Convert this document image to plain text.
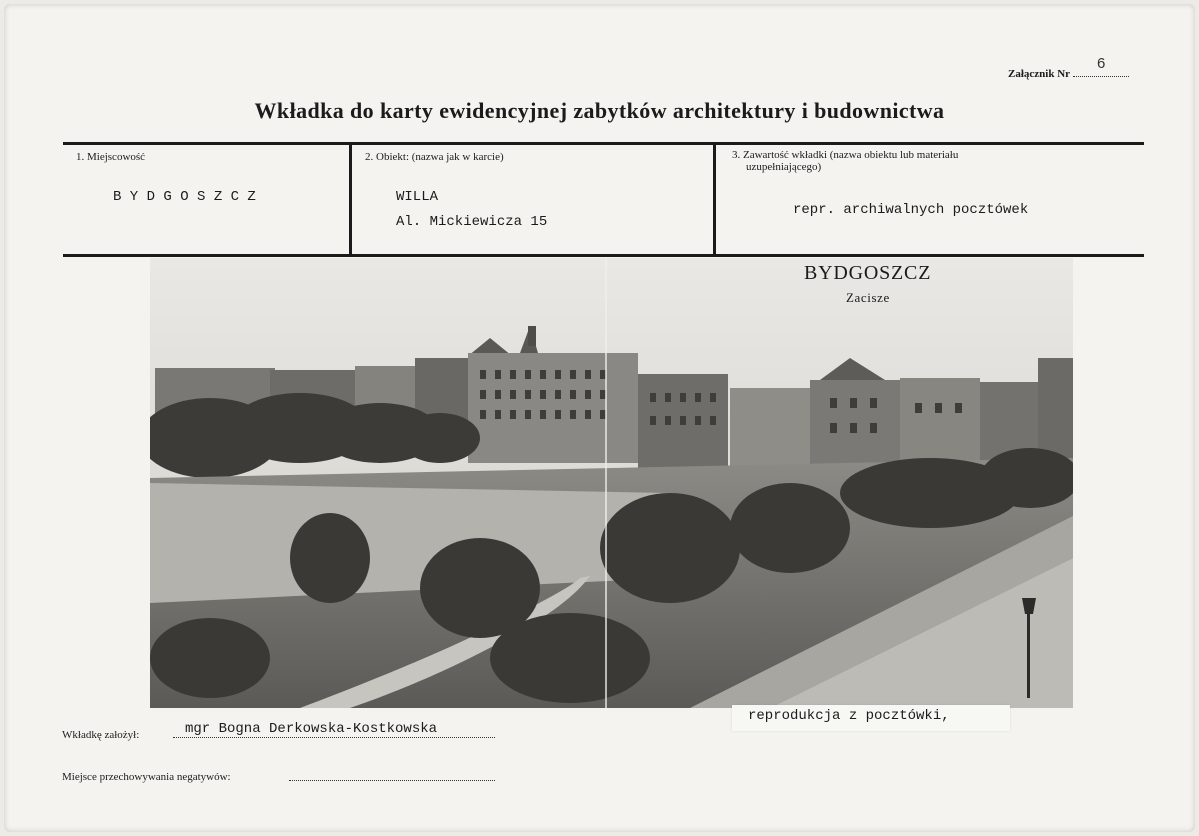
6
Załącznik Nr
Wkładka do karty ewidencyjnej zabytków architektury i budownictwa
1. Miejscowość
B Y D G O S Z C Z
2. Obiekt: (nazwa jak w karcie)
WILLA
Al. Mickiewicza 15
3. Zawartość wkładki (nazwa obiektu lub materiału
uzupełniającego)
repr. archiwalnych pocztówek
BYDGOSZCZ
Zacisze
reprodukcja z pocztówki,
Wkładkę założył:	mgr Bogna Derkowska-Kostkowska
Miejsce przechowywania negatywów:
